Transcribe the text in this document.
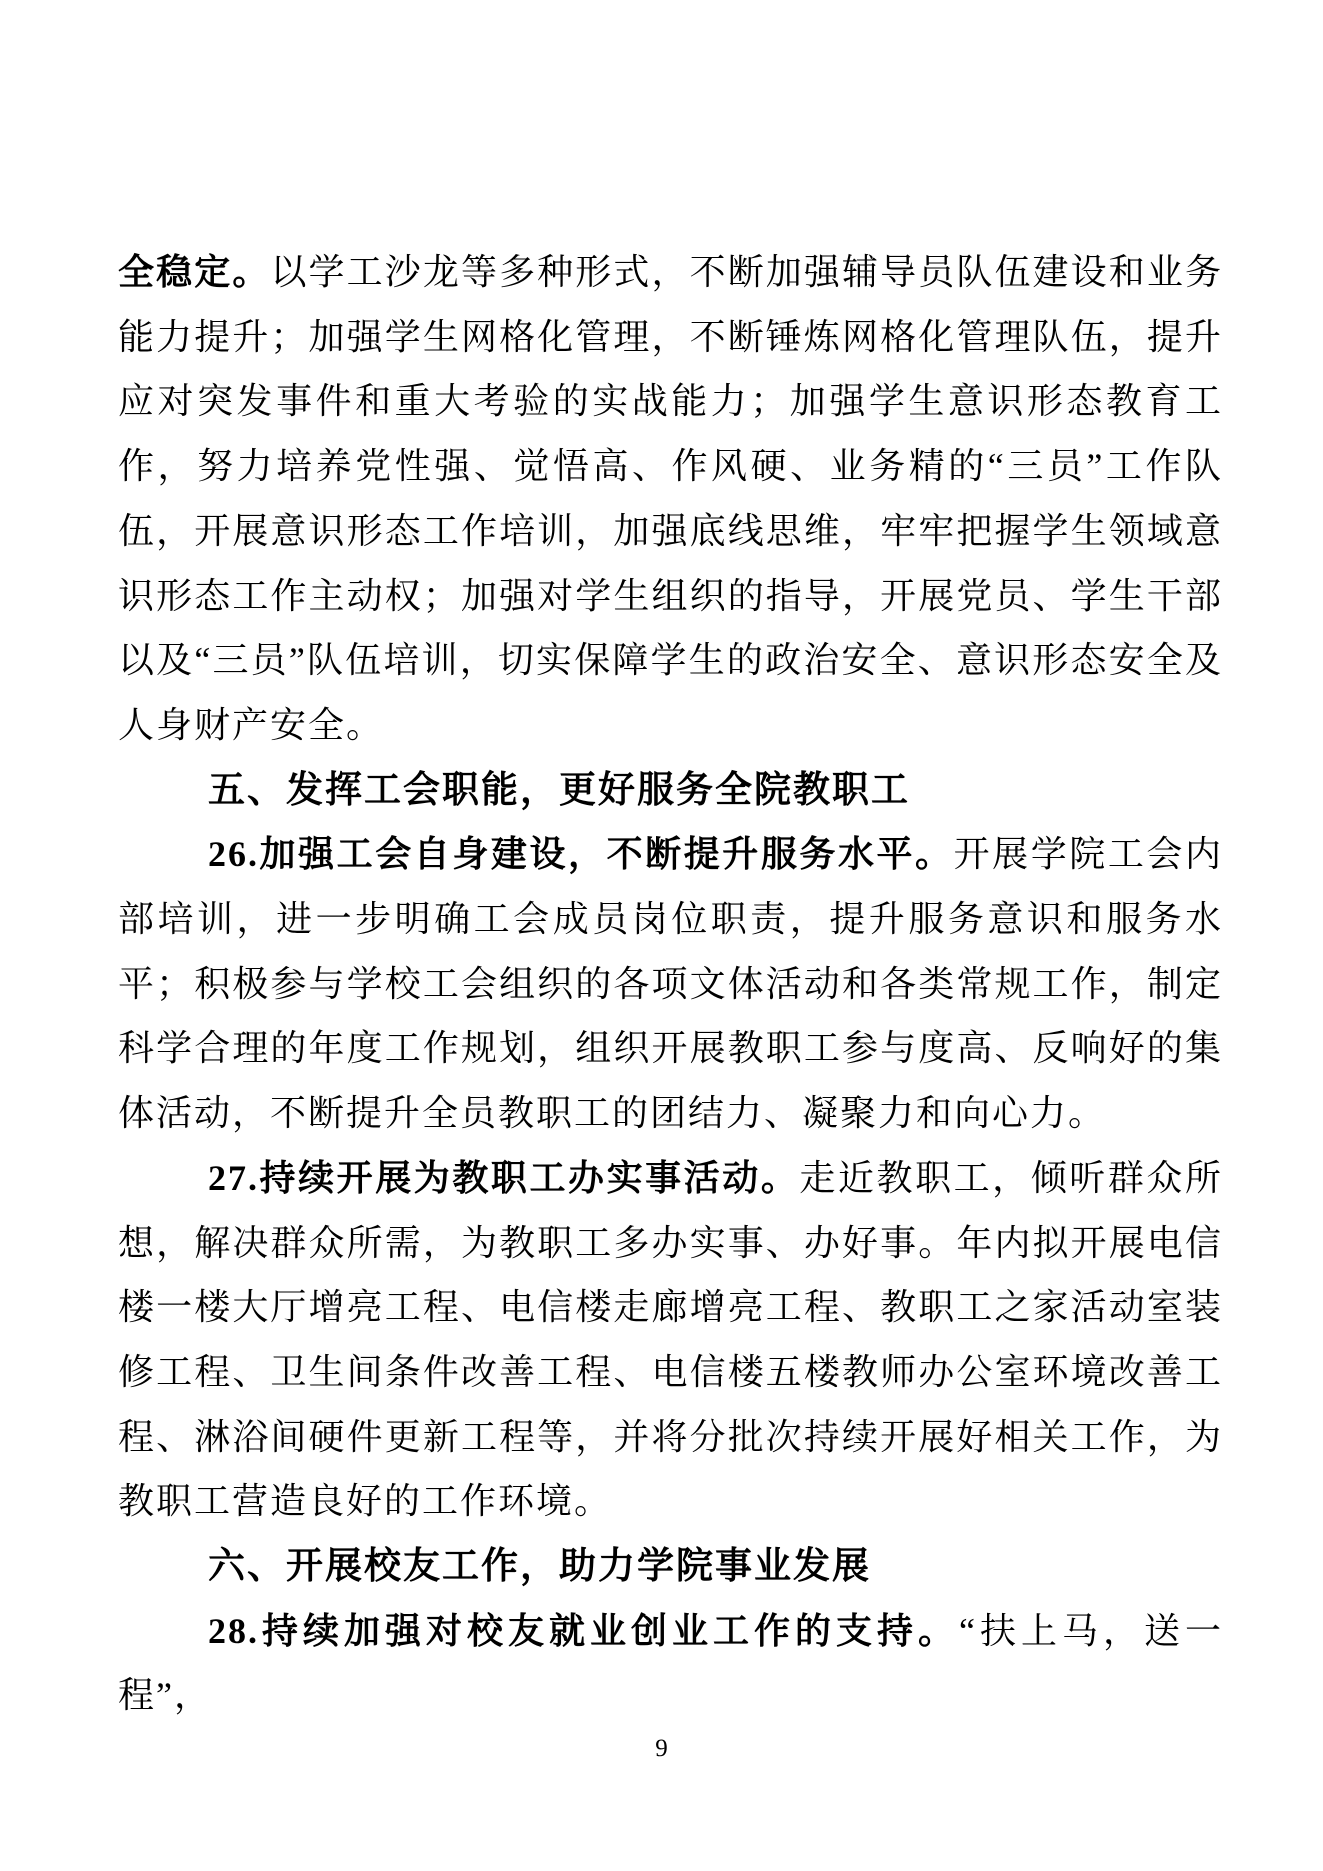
全稳定。以学工沙龙等多种形式，不断加强辅导员队伍建设和业务能力提升；加强学生网格化管理，不断锤炼网格化管理队伍，提升应对突发事件和重大考验的实战能力；加强学生意识形态教育工作，努力培养党性强、觉悟高、作风硬、业务精的“三员”工作队伍，开展意识形态工作培训，加强底线思维，牢牢把握学生领域意识形态工作主动权；加强对学生组织的指导，开展党员、学生干部以及“三员”队伍培训，切实保障学生的政治安全、意识形态安全及人身财产安全。

五、发挥工会职能，更好服务全院教职工

26.加强工会自身建设，不断提升服务水平。开展学院工会内部培训，进一步明确工会成员岗位职责，提升服务意识和服务水平；积极参与学校工会组织的各项文体活动和各类常规工作，制定科学合理的年度工作规划，组织开展教职工参与度高、反响好的集体活动，不断提升全员教职工的团结力、凝聚力和向心力。

27.持续开展为教职工办实事活动。走近教职工，倾听群众所想，解决群众所需，为教职工多办实事、办好事。年内拟开展电信楼一楼大厅增亮工程、电信楼走廊增亮工程、教职工之家活动室装修工程、卫生间条件改善工程、电信楼五楼教师办公室环境改善工程、淋浴间硬件更新工程等，并将分批次持续开展好相关工作，为教职工营造良好的工作环境。

六、开展校友工作，助力学院事业发展

28.持续加强对校友就业创业工作的支持。“扶上马，送一程”，

9
